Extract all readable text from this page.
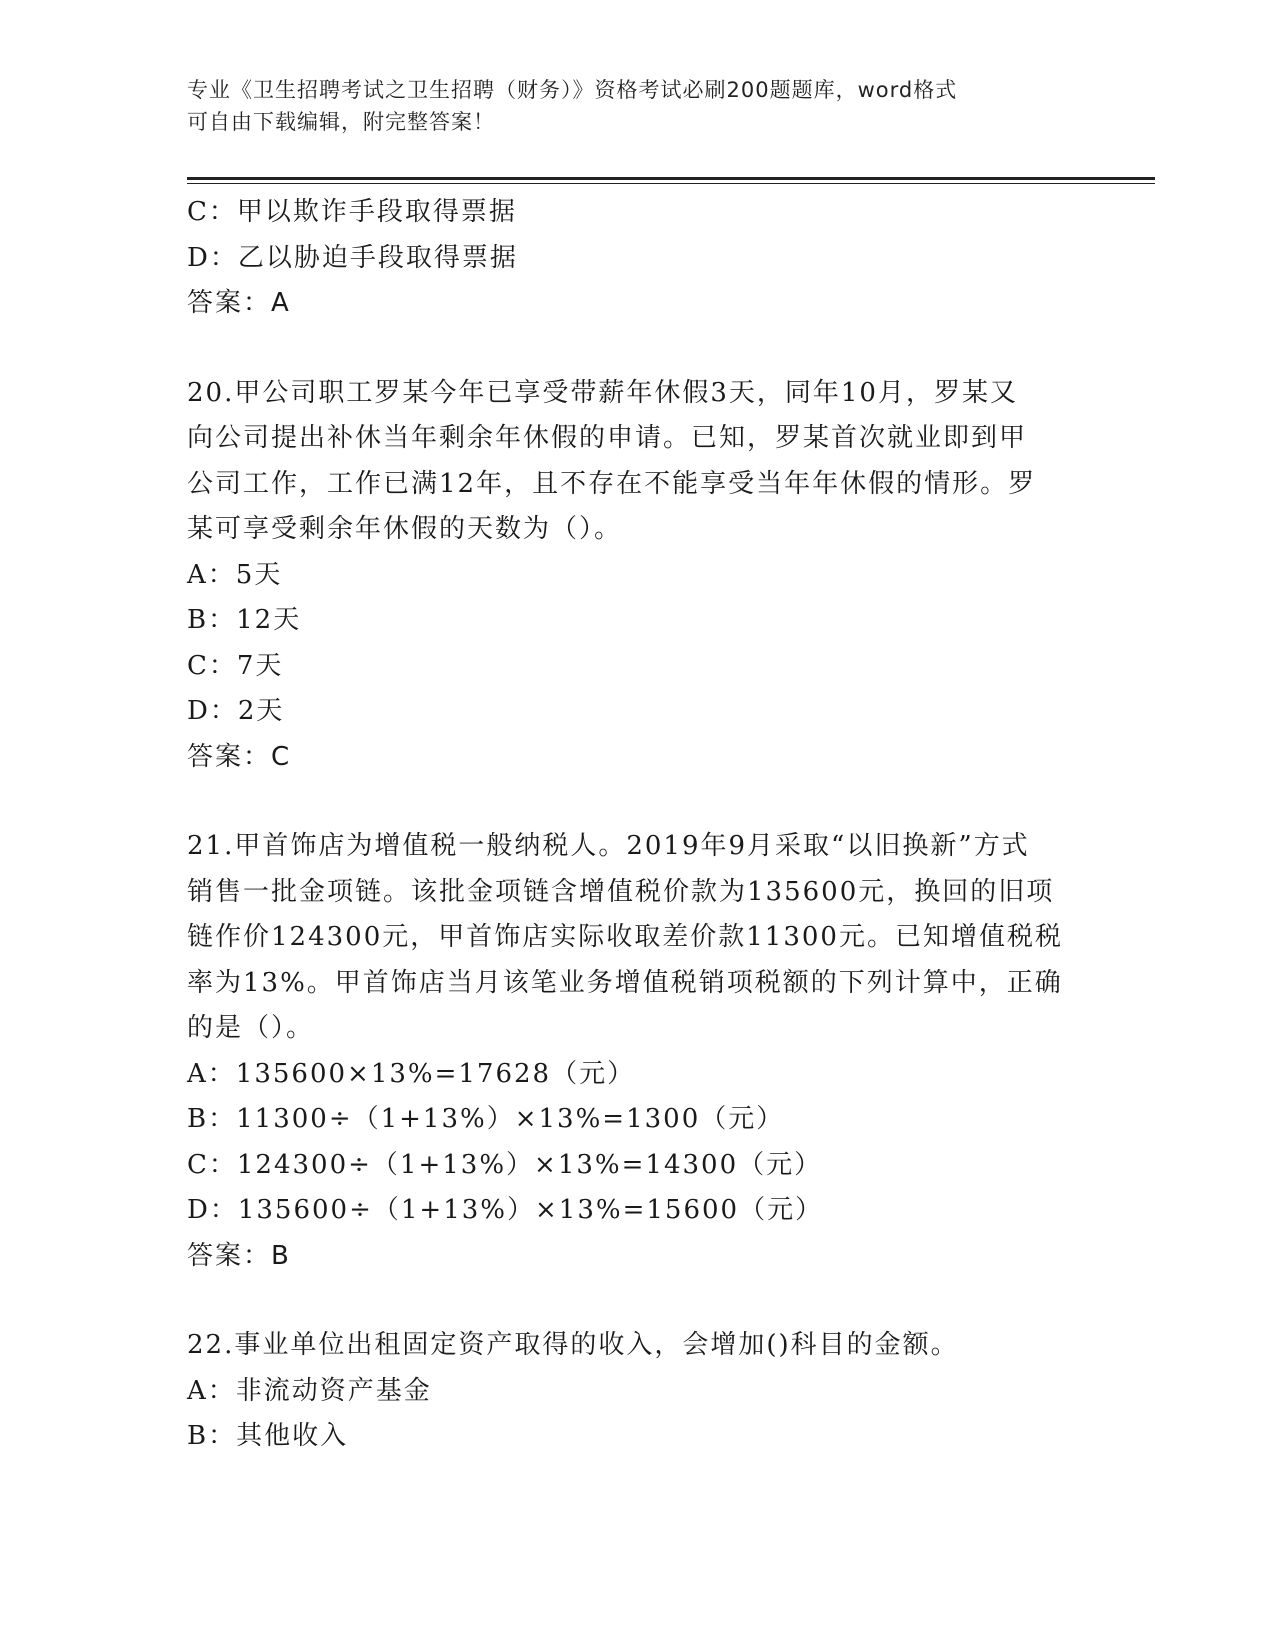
专业《卫生招聘考试之卫生招聘（财务）》资格考试必刷200题题库，word格式
可自由下载编辑，附完整答案！
C：甲以欺诈手段取得票据
D：乙以胁迫手段取得票据
答案：A
20.甲公司职工罗某今年已享受带薪年休假3天，同年10月，罗某又
向公司提出补休当年剩余年休假的申请。已知，罗某首次就业即到甲
公司工作，工作已满12年，且不存在不能享受当年年休假的情形。罗
某可享受剩余年休假的天数为（）。
A：5天
B：12天
C：7天
D：2天
答案：C
21.甲首饰店为增值税一般纳税人。2019年9月采取“以旧换新”方式
销售一批金项链。该批金项链含增值税价款为135600元，换回的旧项
链作价124300元，甲首饰店实际收取差价款11300元。已知增值税税
率为13%。甲首饰店当月该笔业务增值税销项税额的下列计算中，正确
的是（）。
A：135600×13%=17628（元）
B：11300÷（1+13%）×13%=1300（元）
C：124300÷（1+13%）×13%=14300（元）
D：135600÷（1+13%）×13%=15600（元）
答案：B
22.事业单位出租固定资产取得的收入，会增加()科目的金额。
A：非流动资产基金
B：其他收入
